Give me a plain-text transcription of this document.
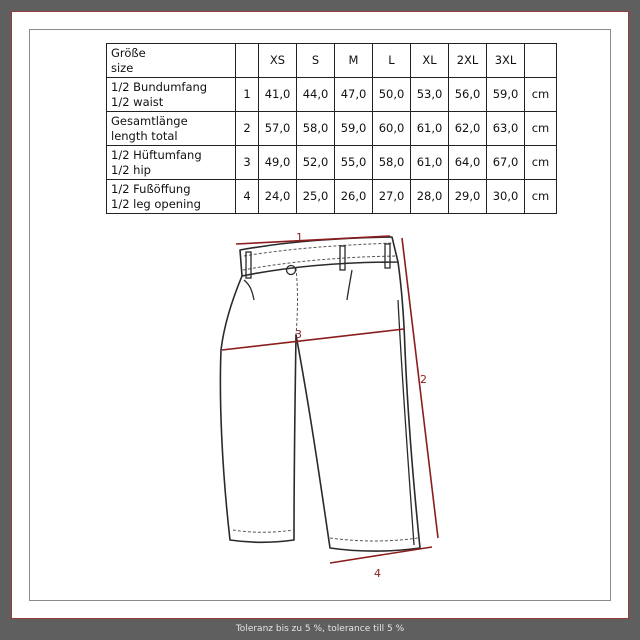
Größe
size		XS	S	M	L	XL	2XL	3XL	

1/2 Bundumfang
1/2 waist	1	41,0	44,0	47,0	50,0	53,0	56,0	59,0	cm

Gesamtlänge
length total	2	57,0	58,0	59,0	60,0	61,0	62,0	63,0	cm

1/2 Hüftumfang
1/2 hip	3	49,0	52,0	55,0	58,0	61,0	64,0	67,0	cm

1/2 Fußöffung
1/2 leg opening	4	24,0	25,0	26,0	27,0	28,0	29,0	30,0	cm
1
2
3
4
Toleranz bis zu 5 %, tolerance till 5 %
